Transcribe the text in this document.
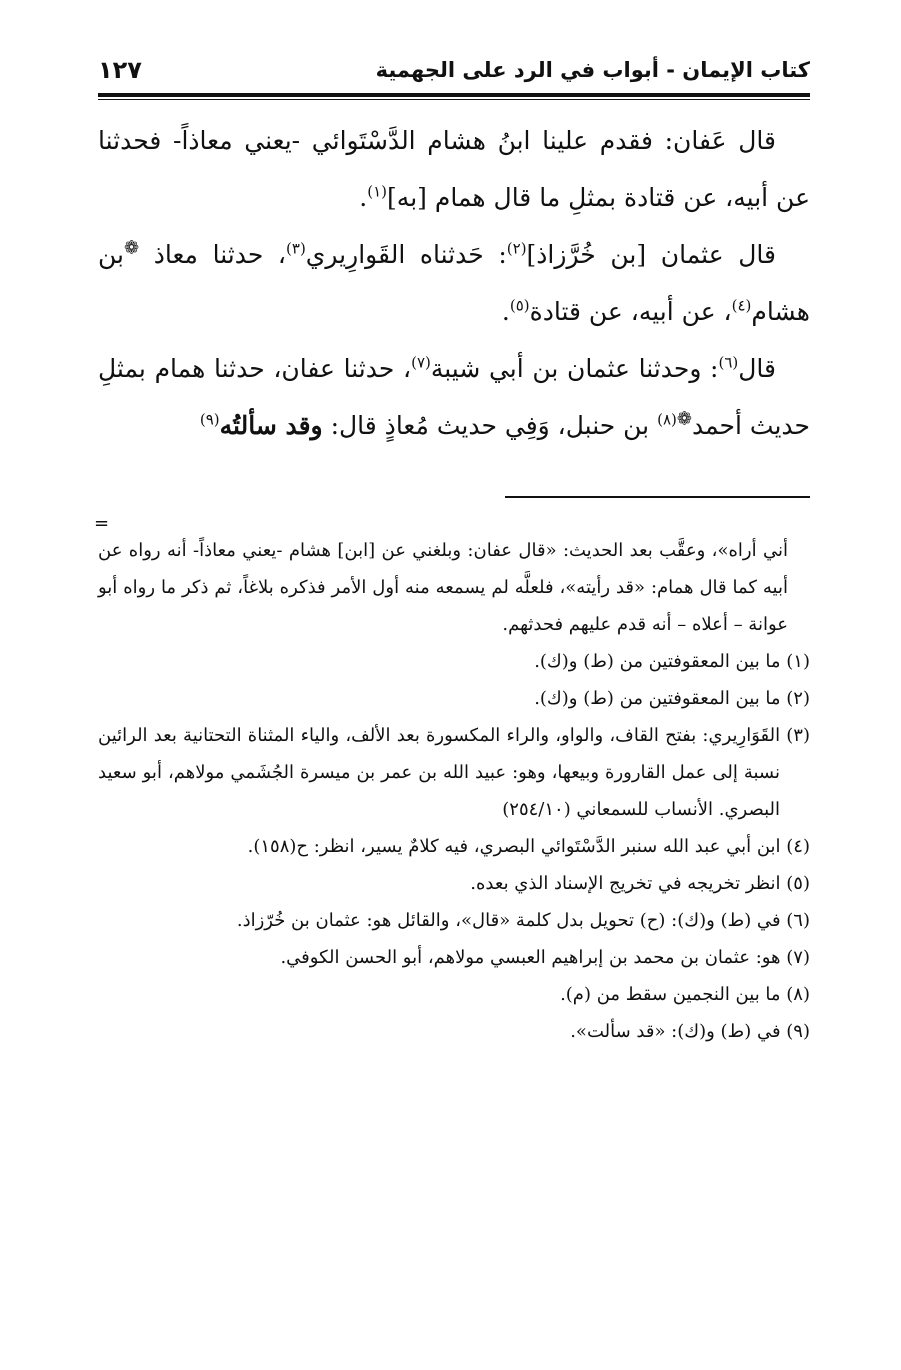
كتاب الإيمان - أبواب في الرد على الجهمية
١٢٧

قال عَفان: فقدم علينا ابنُ هشام الدَّسْتَوائي -يعني معاذاً- فحدثنا عن أبيه، عن قتادة بمثلِ ما قال همام [به]$^{(١)}$.

قال عثمان [بن خُرَّزاذ]$^{(٢)}$: حَدثناه القَوارِيري$^{(٣)}$، حدثنا معاذ ❁بن هشام$^{(٤)}$، عن أبيه، عن قتادة$^{(٥)}$.

قال$^{(٦)}$: وحدثنا عثمان بن أبي شيبة$^{(٧)}$، حدثنا عفان، حدثنا همام بمثلِ حديث أحمد$^{❁(٨)}$ بن حنبل، وَفِي حديث مُعاذٍ قال: وقد سألتُه$^{(٩)}$

=

أني أراه»، وعقَّب بعد الحديث: «قال عفان: وبلغني عن [ابن] هشام -يعني معاذاً- أنه رواه عن أبيه كما قال همام: «قد رأيته»، فلعلَّه لم يسمعه منه أول الأمر فذكره بلاغاً، ثم ذكر ما رواه أبو عوانة – أعلاه – أنه قدم عليهم فحدثهم.

(١) ما بين المعقوفتين من (ط) و(ك).

(٢) ما بين المعقوفتين من (ط) و(ك).

(٣) القَوَارِيري: بفتح القاف، والواو، والراء المكسورة بعد الألف، والياء المثناة التحتانية بعد الرائين نسبة إلى عمل القارورة وبيعها، وهو: عبيد الله بن عمر بن ميسرة الجُشَمي مولاهم، أبو سعيد البصري. الأنساب للسمعاني (٢٥٤/١٠)

(٤) ابن أبي عبد الله سنبر الدَّسْتَوائي البصري، فيه كلامٌ يسير، انظر: ح(١٥٨).

(٥) انظر تخريجه في تخريج الإسناد الذي بعده.

(٦) في (ط) و(ك): (ح) تحويل بدل كلمة «قال»، والقائل هو: عثمان بن خُرّزاذ.

(٧) هو: عثمان بن محمد بن إبراهيم العبسي مولاهم، أبو الحسن الكوفي.

(٨) ما بين النجمين سقط من (م).

(٩) في (ط) و(ك): «قد سألت».
